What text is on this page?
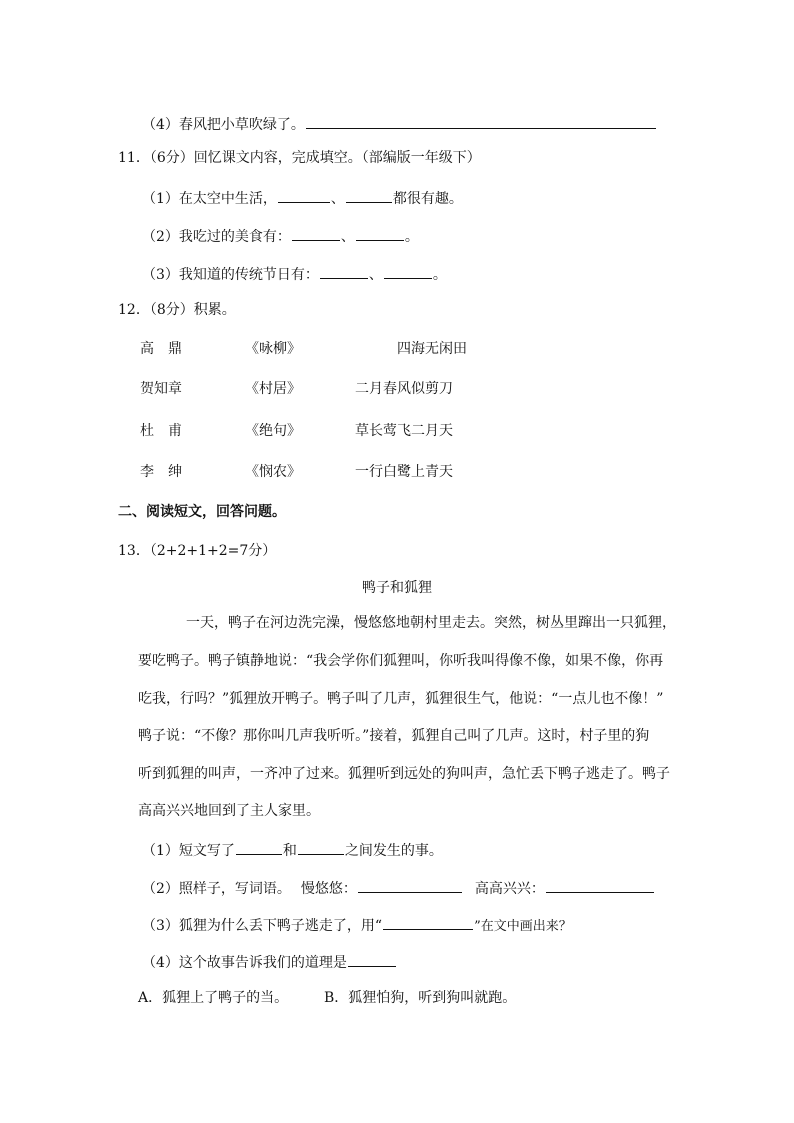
（4）春风把小草吹绿了。
11．（6分）回忆课文内容，完成填空。（部编版一年级下）
（1）在太空中生活，	、	都很有趣。
（2）我吃过的美食有：	、	。
（3）我知道的传统节日有：	、	。
12．（8分）积累。
高　鼎	《咏柳》	四海无闲田
贺知章	《村居》	二月春风似剪刀
杜　甫	《绝句》	草长莺飞二月天
李　绅	《悯农》	一行白鹭上青天
二、阅读短文，回答问题。
13．（2+2+1+2=7分）
鸭子和狐狸
一天，鸭子在河边洗完澡，慢悠悠地朝村里走去。突然，树丛里蹿出一只狐狸，
要吃鸭子。鸭子镇静地说：“我会学你们狐狸叫，你听我叫得像不像，如果不像，你再
吃我，行吗？”狐狸放开鸭子。鸭子叫了几声，狐狸很生气，他说：“一点儿也不像！”
鸭子说：“不像？那你叫几声我听听。”接着，狐狸自己叫了几声。这时，村子里的狗
听到狐狸的叫声，一齐冲了过来。狐狸听到远处的狗叫声，急忙丢下鸭子逃走了。鸭子
高高兴兴地回到了主人家里。
（1）短文写了	和	之间发生的事。
（2）照样子，写词语。 慢悠悠：	高高兴兴：
（3）狐狸为什么丢下鸭子逃走了，用“	”在文中画出来？
（4）这个故事告诉我们的道理是
A．狐狸上了鸭子的当。	B．狐狸怕狗，听到狗叫就跑。
